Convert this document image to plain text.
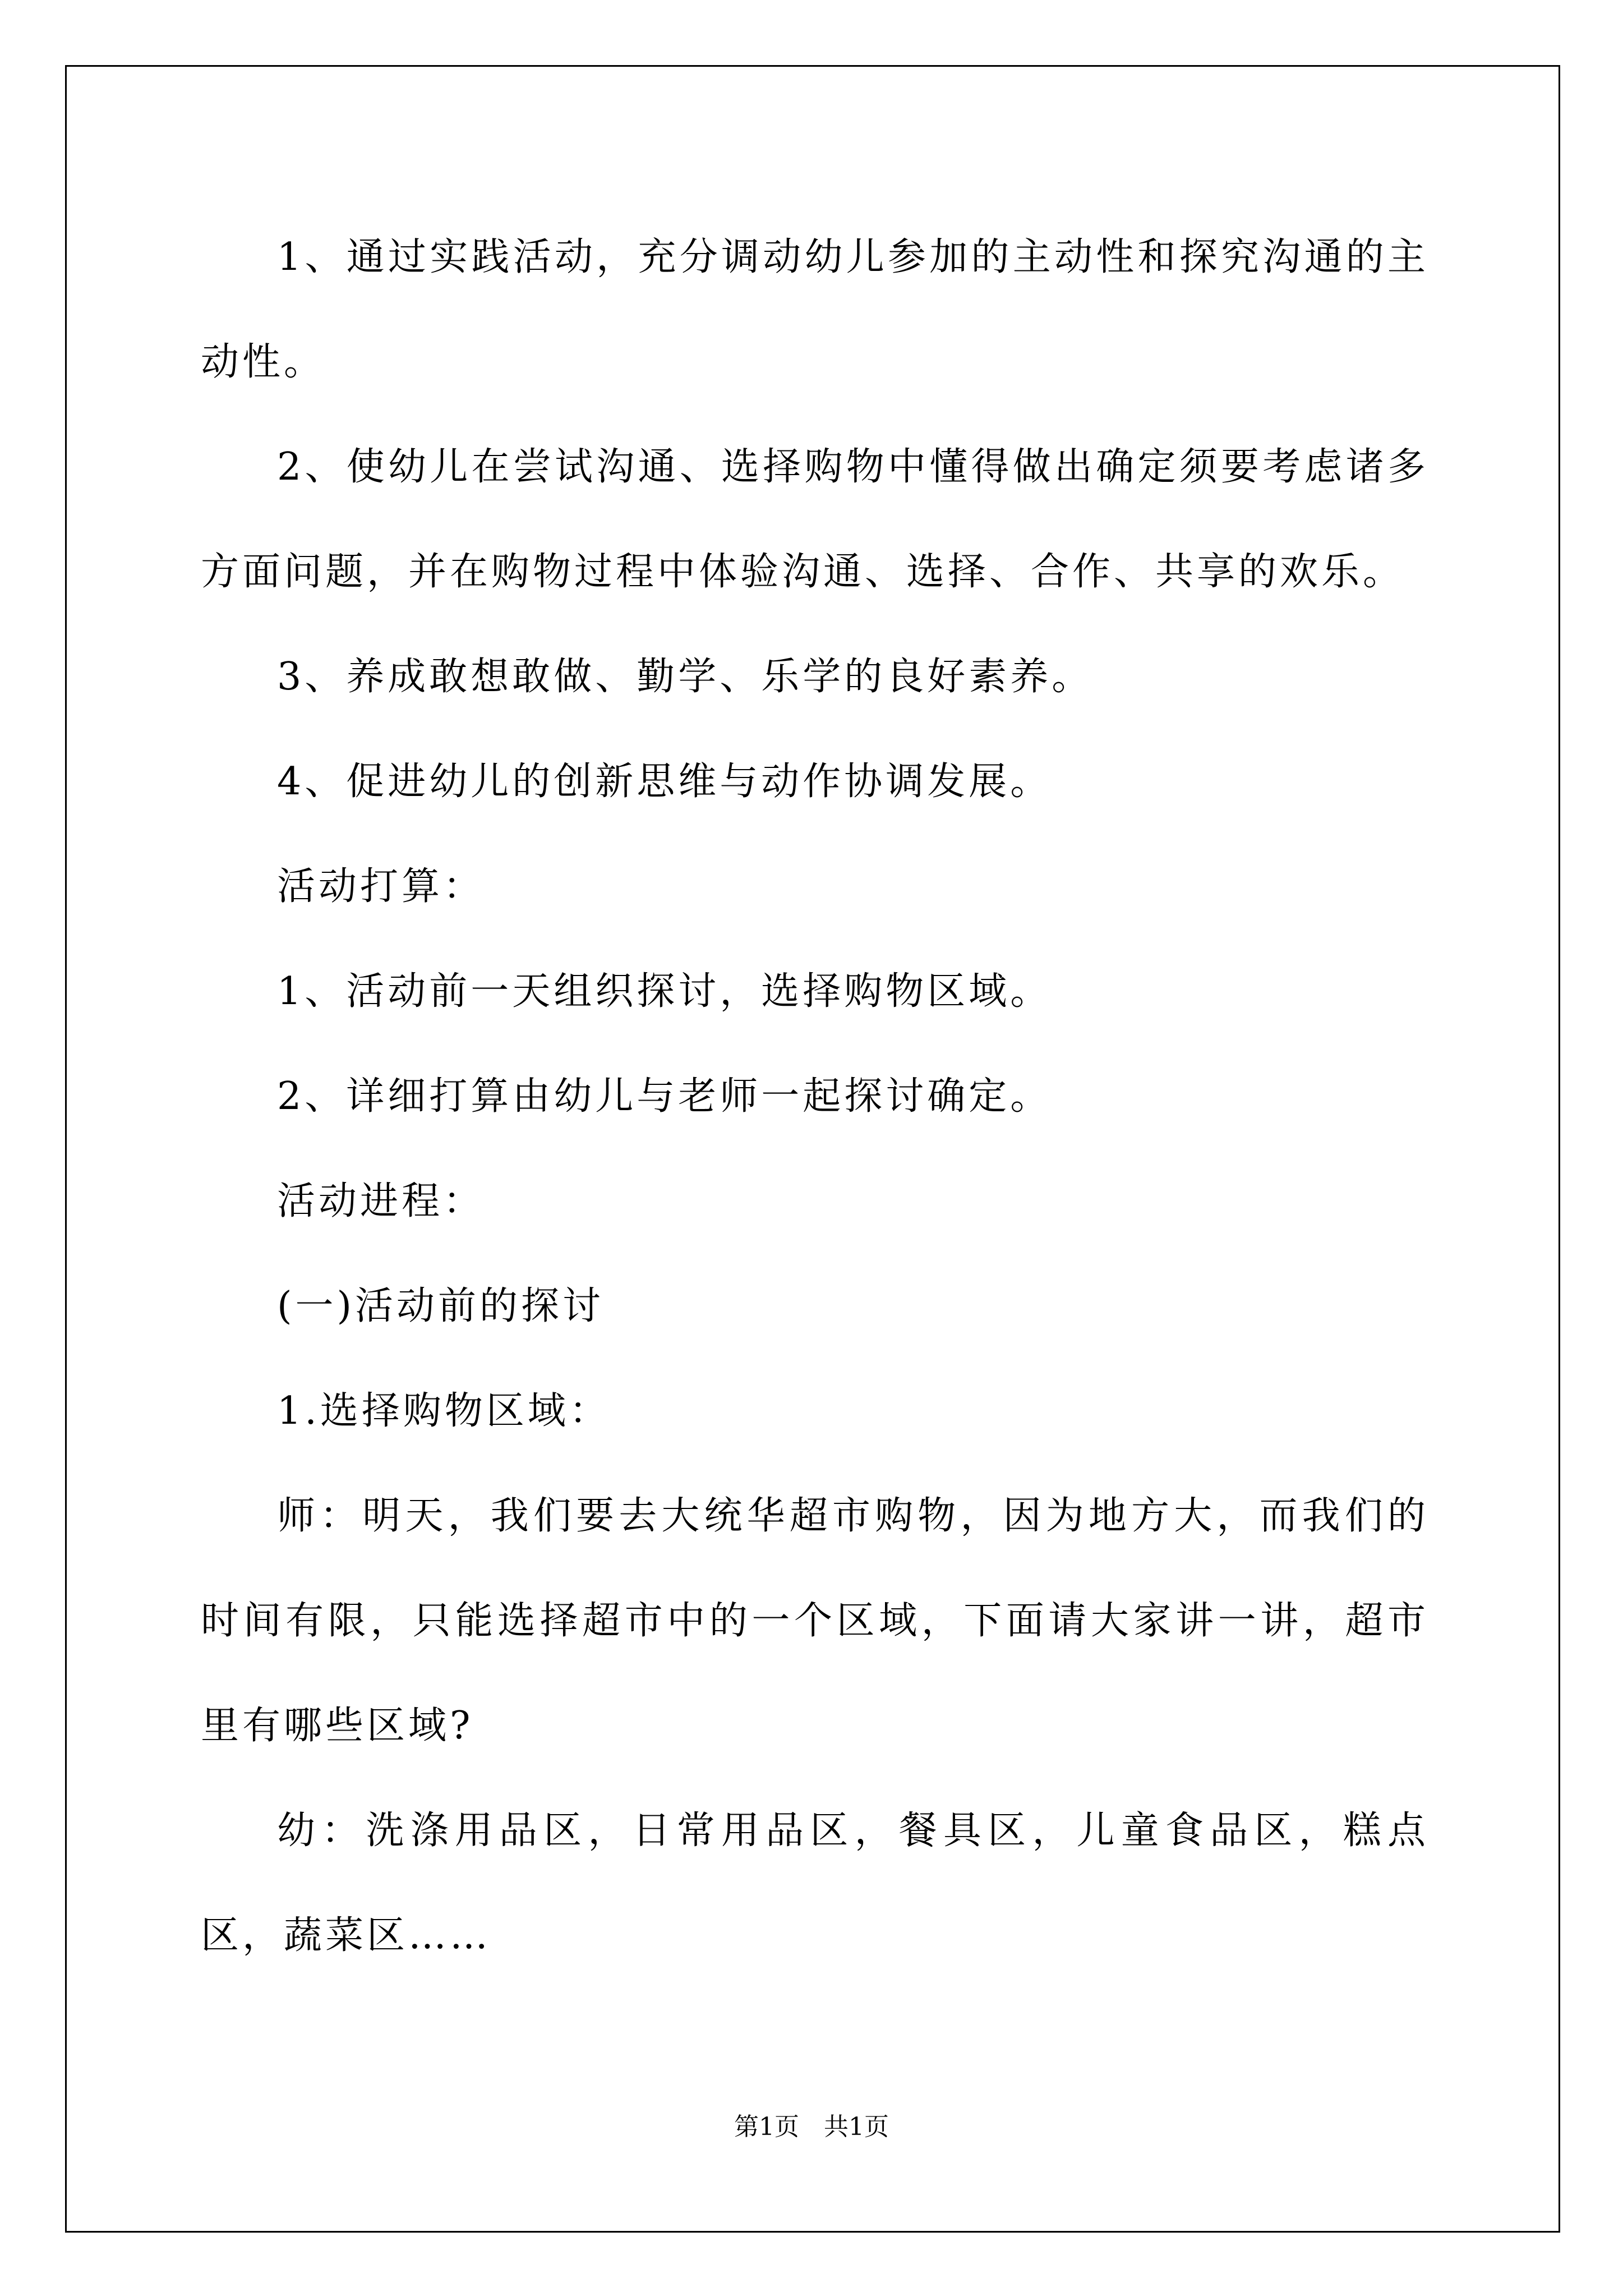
1、通过实践活动，充分调动幼儿参加的主动性和探究沟通的主动性。

2、使幼儿在尝试沟通、选择购物中懂得做出确定须要考虑诸多方面问题，并在购物过程中体验沟通、选择、合作、共享的欢乐。

3、养成敢想敢做、勤学、乐学的良好素养。

4、促进幼儿的创新思维与动作协调发展。

活动打算：

1、活动前一天组织探讨，选择购物区域。

2、详细打算由幼儿与老师一起探讨确定。

活动进程：

(一)活动前的探讨

1.选择购物区域：

师：明天，我们要去大统华超市购物，因为地方大，而我们的时间有限，只能选择超市中的一个区域，下面请大家讲一讲，超市里有哪些区域?

幼：洗涤用品区，日常用品区，餐具区，儿童食品区，糕点区，蔬菜区……

第1页　共1页
